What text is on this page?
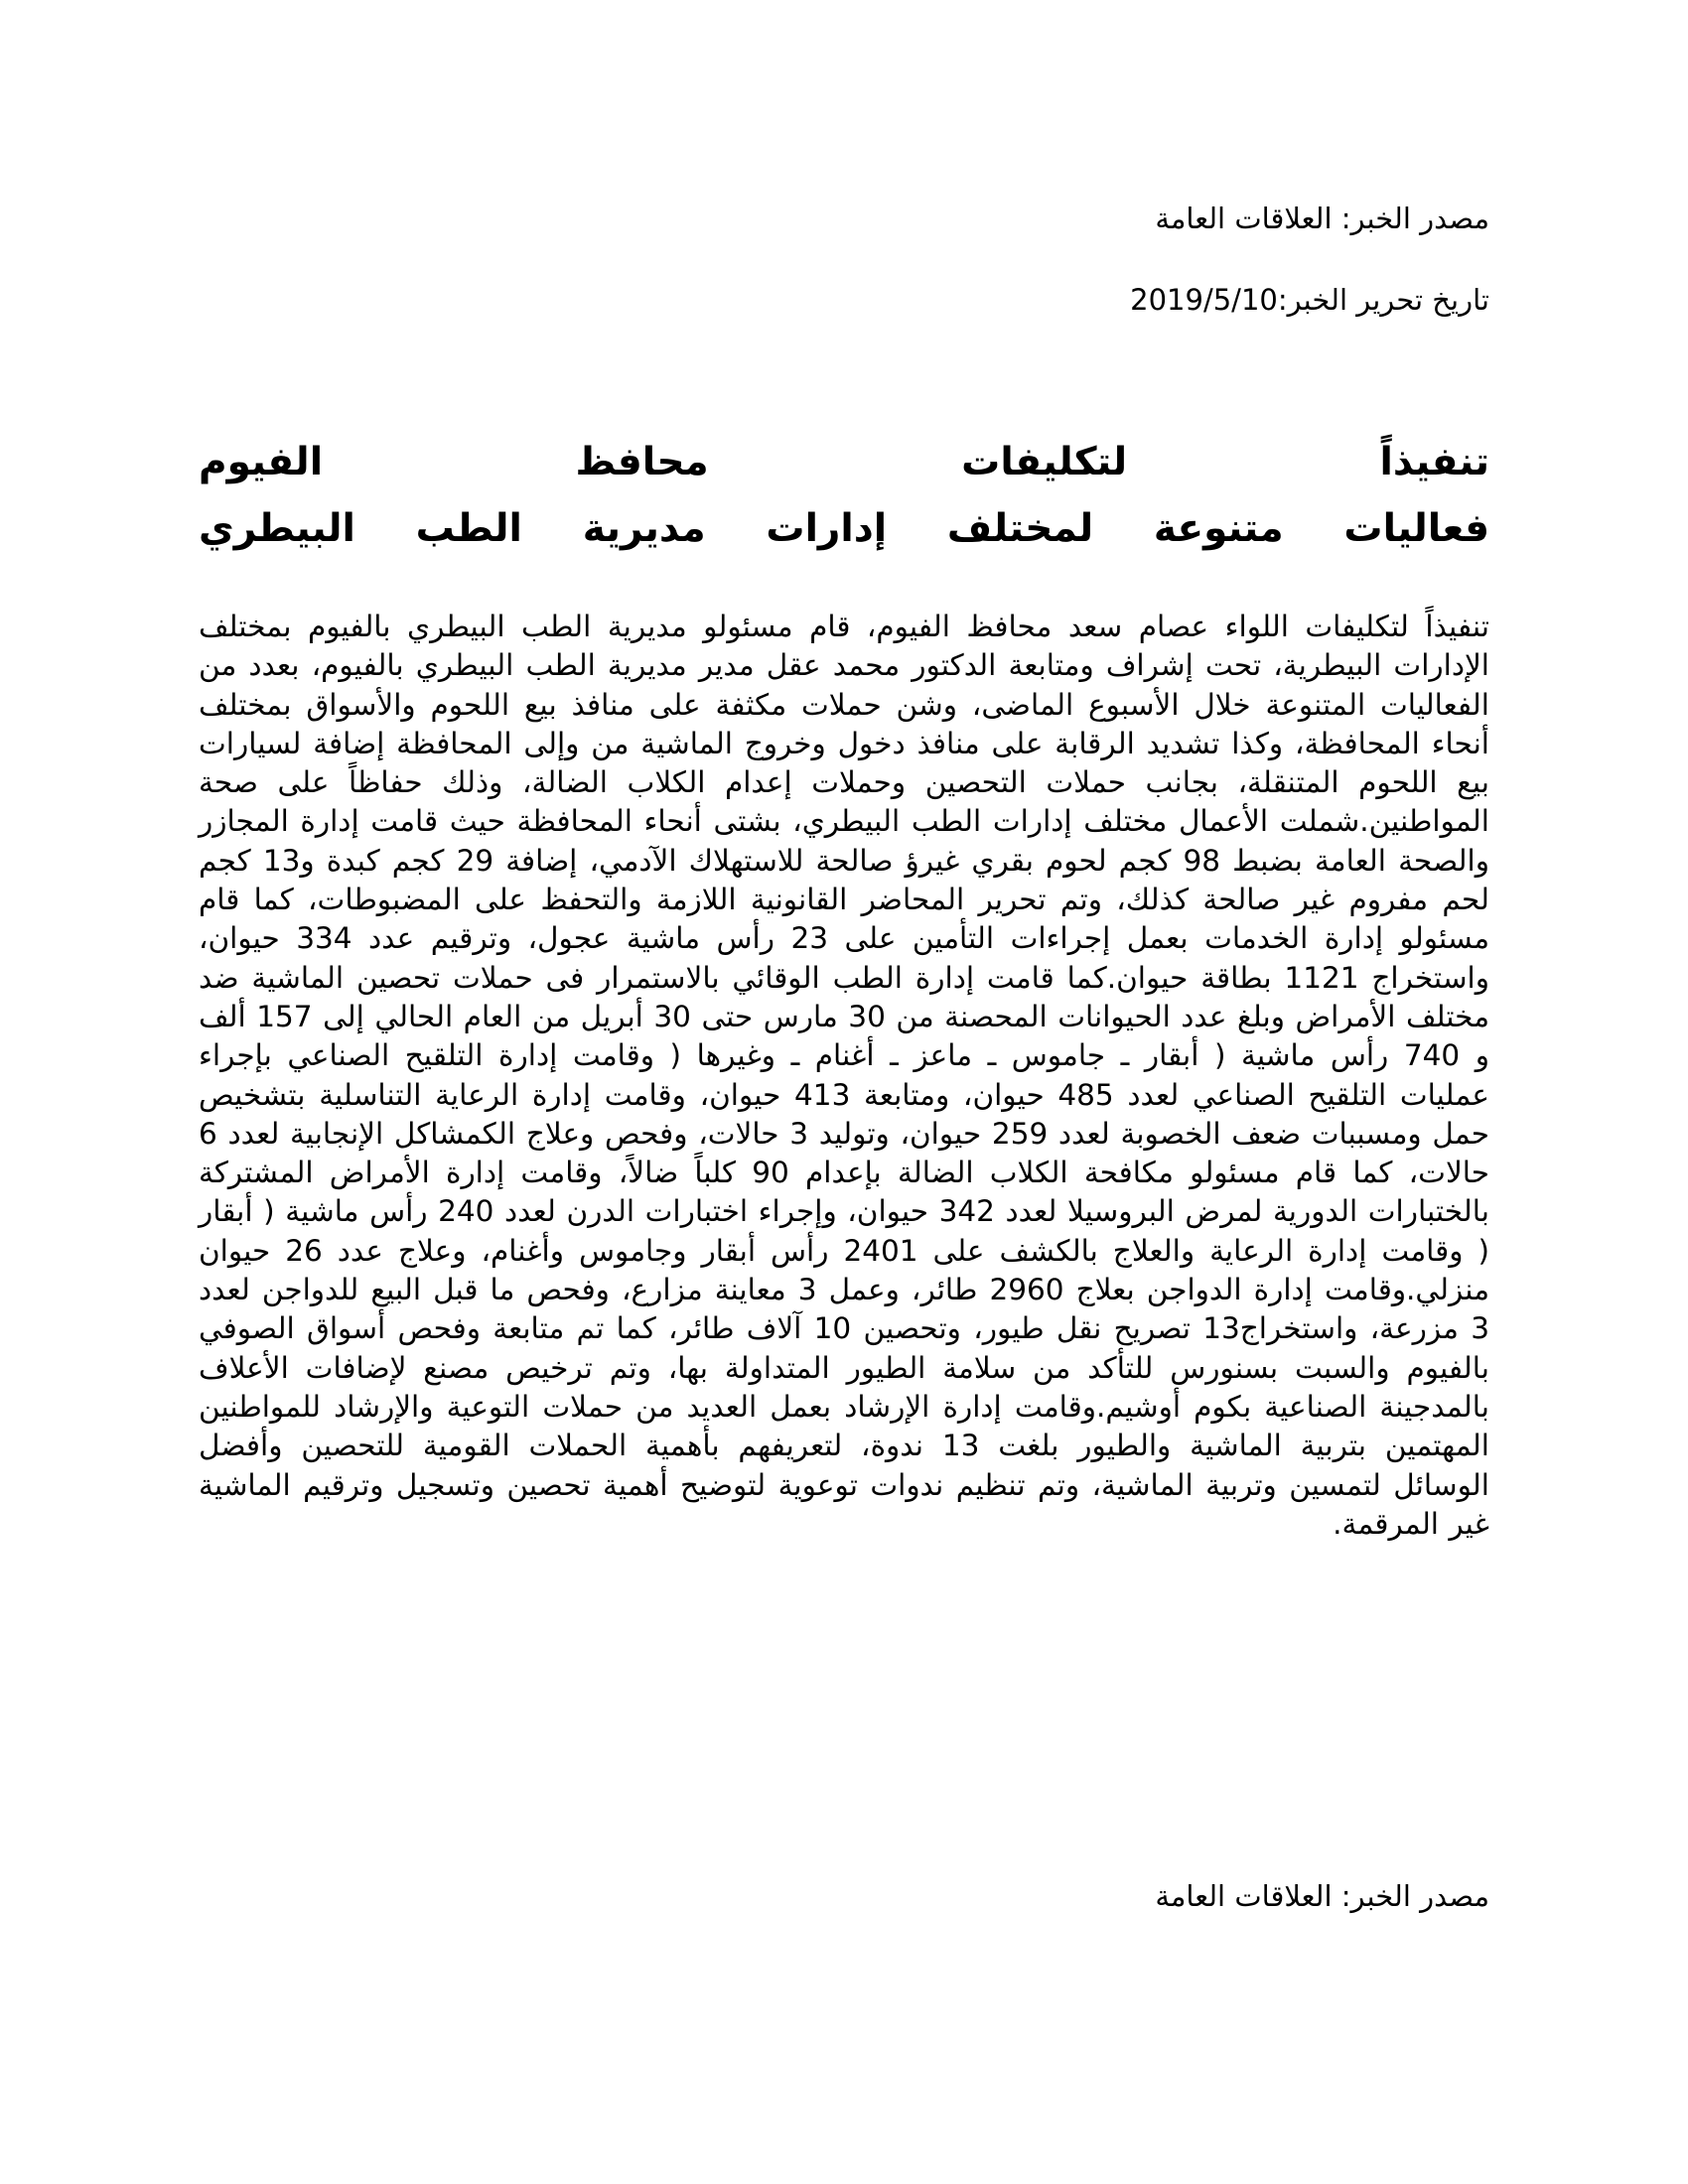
مصدر الخبر: العلاقات العامة
تاريخ تحرير الخبر:2019/5/10
تنفيذاً
لتكليفات
محافظ
الفيوم
فعاليات
متنوعة
لمختلف
إدارات
مديرية
الطب
البيطري
تنفيذاً لتكليفات اللواء عصام سعد محافظ الفيوم، قام مسئولو مديرية الطب البيطري بالفيوم بمختلف الإدارات البيطرية، تحت إشراف ومتابعة الدكتور محمد عقل مدير مديرية الطب البيطري بالفيوم، بعدد من الفعاليات المتنوعة خلال الأسبوع الماضى، وشن حملات مكثفة على منافذ بيع اللحوم والأسواق بمختلف أنحاء المحافظة، وكذا تشديد الرقابة على منافذ دخول وخروج الماشية من وإلى المحافظة إضافة لسيارات بيع اللحوم المتنقلة، بجانب حملات التحصين وحملات إعدام الكلاب الضالة، وذلك حفاظاً على صحة المواطنين.شملت الأعمال مختلف إدارات الطب البيطري، بشتى أنحاء المحافظة حيث قامت إدارة المجازر والصحة العامة بضبط 98 كجم لحوم بقري غيرؤ صالحة للاستهلاك الآدمي، إضافة 29 كجم كبدة و13 كجم لحم مفروم غير صالحة كذلك، وتم تحرير المحاضر القانونية اللازمة والتحفظ على المضبوطات، كما قام مسئولو إدارة الخدمات بعمل إجراءات التأمين على 23 رأس ماشية عجول، وترقيم عدد 334 حيوان، واستخراج 1121 بطاقة حيوان.كما قامت إدارة الطب الوقائي بالاستمرار فى حملات تحصين الماشية ضد مختلف الأمراض وبلغ عدد الحيوانات المحصنة من 30 مارس حتى 30 أبريل من العام الحالي إلى 157 ألف و 740 رأس ماشية ( أبقار ـ جاموس ـ ماعز ـ أغنام ـ وغيرها ( وقامت إدارة التلقيح الصناعي بإجراء عمليات التلقيح الصناعي لعدد 485 حيوان، ومتابعة 413 حيوان، وقامت إدارة الرعاية التناسلية بتشخيص حمل ومسببات ضعف الخصوبة لعدد 259 حيوان، وتوليد 3 حالات، وفحص وعلاج الكمشاكل الإنجابية لعدد 6 حالات، كما قام مسئولو مكافحة الكلاب الضالة بإعدام 90 كلباً ضالاً، وقامت إدارة الأمراض المشتركة بالختبارات الدورية لمرض البروسيلا لعدد 342 حيوان، وإجراء اختبارات الدرن لعدد 240 رأس ماشية ( أبقار ( وقامت إدارة الرعاية والعلاج بالكشف على 2401 رأس أبقار وجاموس وأغنام، وعلاج عدد 26 حيوان منزلي.وقامت إدارة الدواجن بعلاج 2960 طائر، وعمل 3 معاينة مزارع، وفحص ما قبل البيع للدواجن لعدد 3 مزرعة، واستخراج13 تصريح نقل طيور، وتحصين 10 آلاف طائر، كما تم متابعة وفحص أسواق الصوفي بالفيوم والسبت بسنورس للتأكد من سلامة الطيور المتداولة بها، وتم ترخيص مصنع لإضافات الأعلاف بالمدجينة الصناعية بكوم أوشيم.وقامت إدارة الإرشاد بعمل العديد من حملات التوعية والإرشاد للمواطنين المهتمين بتربية الماشية والطيور بلغت 13 ندوة، لتعريفهم بأهمية الحملات القومية للتحصين وأفضل الوسائل لتمسين وتربية الماشية، وتم تنظيم ندوات توعوية لتوضيح أهمية تحصين وتسجيل وترقيم الماشية غير المرقمة.
مصدر الخبر: العلاقات العامة
